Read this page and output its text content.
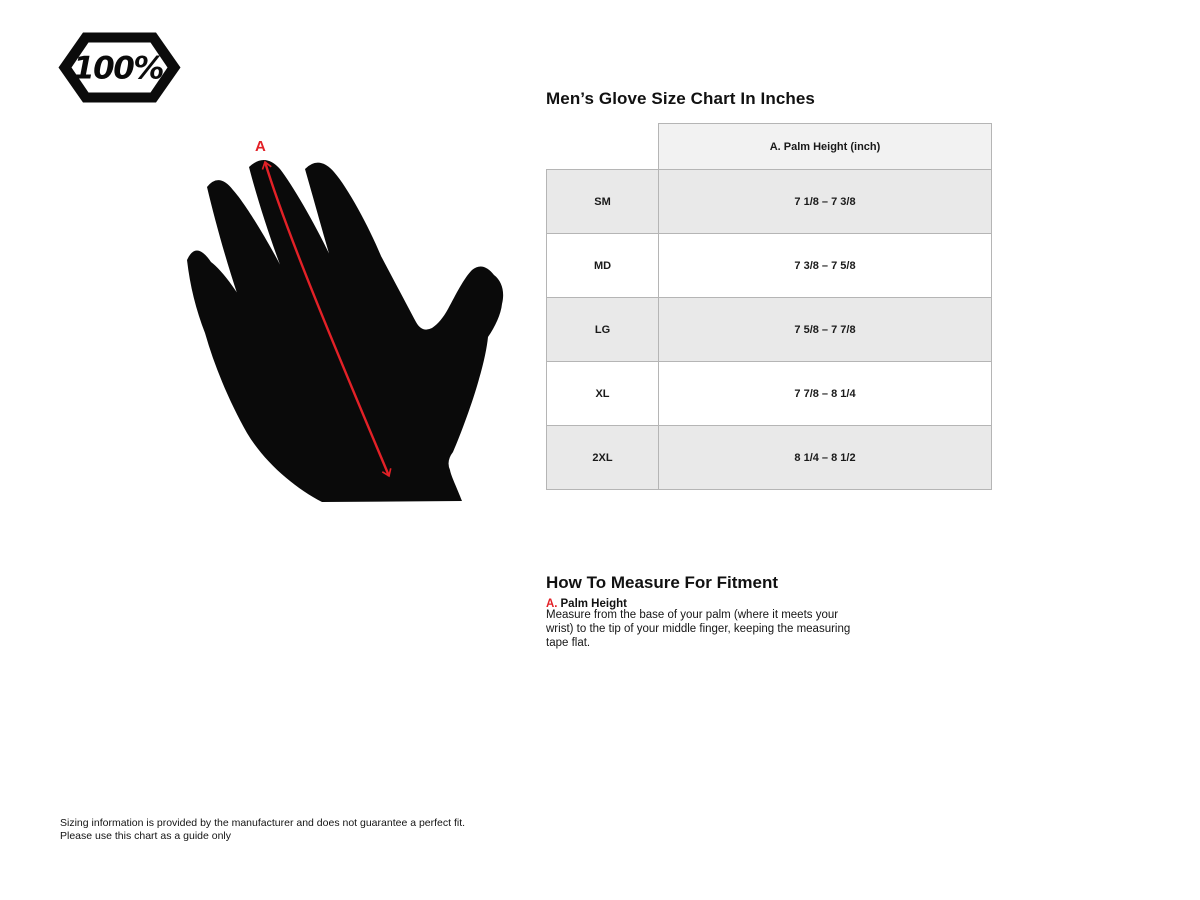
100%
A
Men’s Glove Size Chart In Inches
	A. Palm Height (inch)
SM	7 1/8 – 7 3/8
MD	7 3/8 – 7 5/8
LG	7 5/8 – 7 7/8
XL	7 7/8 – 8 1/4
2XL	8 1/4 – 8 1/2
How To Measure For Fitment
A. Palm Height

Measure from the base of your palm (where it meets your wrist) to the tip of your middle finger, keeping the measuring tape flat.

Sizing information is provided by the manufacturer and does not guarantee a perfect fit.
Please use this chart as a guide only
